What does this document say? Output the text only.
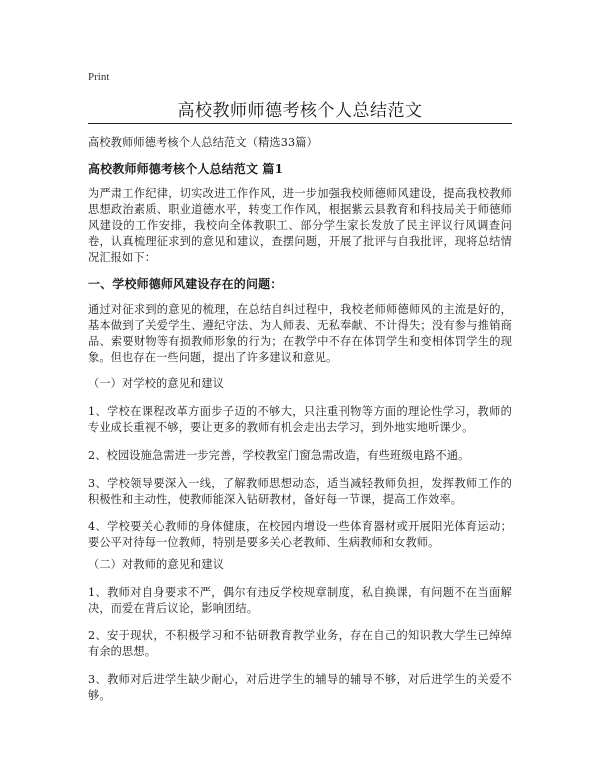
Print
高校教师师德考核个人总结范文
高校教师师德考核个人总结范文（精选33篇）
高校教师师德考核个人总结范文 篇1
为严肃工作纪律，切实改进工作作风，进一步加强我校师德师风建设，提高我校教师思想政治素质、职业道德水平，转变工作作风，根据紫云县教育和科技局关于师德师风建设的工作安排，我校向全体教职工、部分学生家长发放了民主评议行风调查问卷，认真梳理征求到的意见和建议，查摆问题，开展了批评与自我批评，现将总结情况汇报如下：
一、学校师德师风建设存在的问题：
通过对征求到的意见的梳理，在总结自纠过程中，我校老师师德师风的主流是好的，基本做到了关爱学生、遵纪守法、为人师表、无私奉献、不计得失；没有参与推销商品、索要财物等有损教师形象的行为；在教学中不存在体罚学生和变相体罚学生的现象。但也存在一些问题，提出了许多建议和意见。
（一）对学校的意见和建议
1、学校在课程改革方面步子迈的不够大，只注重刊物等方面的理论性学习，教师的专业成长重视不够，要让更多的教师有机会走出去学习，到外地实地听课少。
2、校园设施急需进一步完善，学校教室门窗急需改造，有些班级电路不通。
3、学校领导要深入一线，了解教师思想动态，适当减轻教师负担，发挥教师工作的积极性和主动性，使教师能深入钻研教材，备好每一节课，提高工作效率。
4、学校要关心教师的身体健康，在校园内增设一些体育器材或开展阳光体育运动；要公平对待每一位教师，特别是要多关心老教师、生病教师和女教师。
（二）对教师的意见和建议
1、教师对自身要求不严，偶尔有违反学校规章制度，私自换课，有问题不在当面解决，而爱在背后议论，影响团结。
2、安于现状，不积极学习和不钻研教育教学业务，存在自己的知识教大学生已绰绰有余的思想。
3、教师对后进学生缺少耐心，对后进学生的辅导的辅导不够，对后进学生的关爱不够。
